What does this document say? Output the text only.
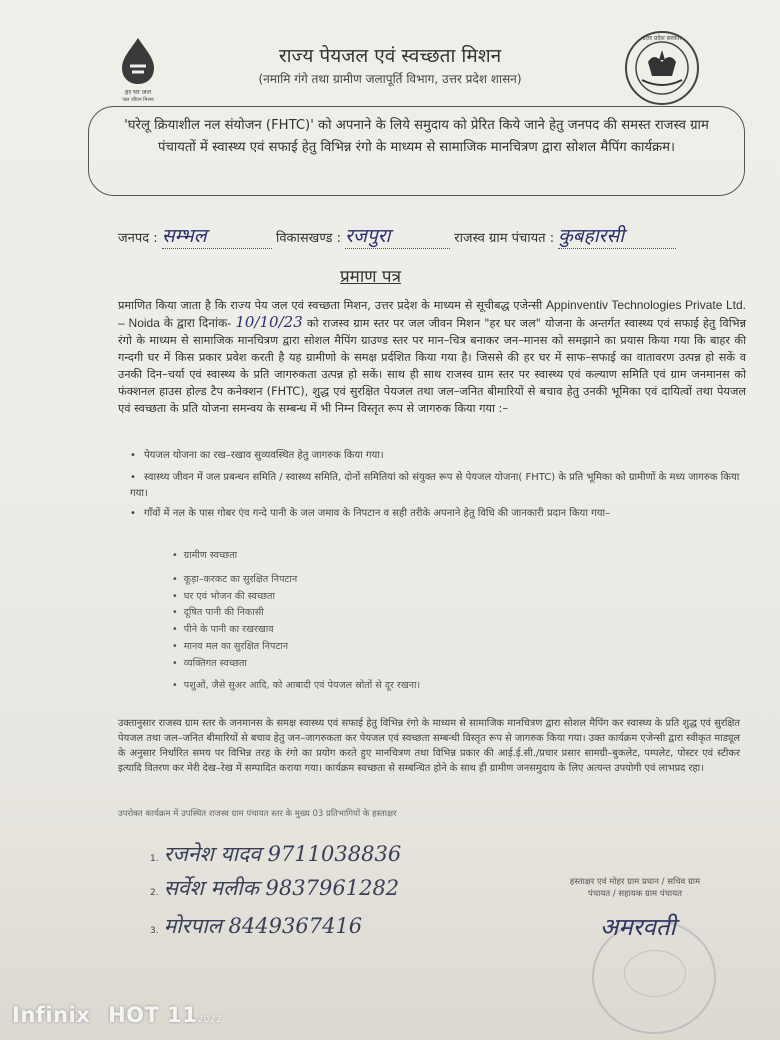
हर घर जल
जल जीवन मिशन
उत्तर प्रदेश सरकार
राज्य पेयजल एवं स्वच्छता मिशन
(नमामि गंगे तथा ग्रामीण जलापूर्ति विभाग, उत्तर प्रदेश शासन)

'घरेलू क्रियाशील नल संयोजन (FHTC)' को अपनाने के लिये समुदाय को प्रेरित किये जाने हेतु जनपद की समस्त राजस्व ग्राम पंचायतों में स्वास्थ्य एवं सफाई हेतु विभिन्न रंगो के माध्यम से सामाजिक मानचित्रण द्वारा सोशल मैपिंग कार्यक्रम।

जनपद : सम्भल	विकासखण्ड : रजपुरा	राजस्व ग्राम पंचायत : कुबहारसी
प्रमाण पत्र
प्रमाणित किया जाता है कि राज्य पेय जल एवं स्वच्छता मिशन, उत्तर प्रदेश के माध्यम से सूचीबद्ध एजेन्सी Appinventiv Technologies Private Ltd. – Noida के द्वारा दिनांक- 10/10/23 को राजस्व ग्राम स्तर पर जल जीवन मिशन "हर घर जल" योजना के अन्तर्गत स्वास्थ्य एवं सफाई हेतु विभिन्न रंगो के माध्यम से सामाजिक मानचित्रण द्वारा सोशल मैपिंग ग्राउण्ड स्तर पर मान–चित्र बनाकर जन–मानस को समझाने का प्रयास किया गया कि बाहर की गन्दगी घर में किस प्रकार प्रवेश करती है यह ग्रामीणो के समक्ष प्रर्दशित किया गया है। जिससे की हर घर में साफ–सफाई का वातावरण उत्पन्न हो सकें व उनकी दिन–चर्या एवं स्वास्थ्य के प्रति जागरुकता उत्पन्न हो सकें। साथ ही साथ राजस्व ग्राम स्तर पर स्वास्थ्य एवं कल्याण समिति एवं ग्राम जनमानस को फंक्शनल हाउस होल्ड टैप कनेक्शन (FHTC), शुद्ध एवं सुरक्षित पेयजल तथा जल–जनित बीमारियों से बचाव हेतु उनकी भूमिका एवं दायित्वों तथा पेयजल एवं स्वच्छता के प्रति योजना समन्वय के सम्बन्ध में भी निम्न विस्तृत रूप से जागरुक किया गया :–
• पेयजल योजना का रख–रखाव सुव्यवस्थित हेतु जागरुक किया गया।
• स्वास्थ्य जीवन में जल प्रबन्धन समिति / स्वास्थ्य समिति, दोनों समितियां को संयुक्त रूप से पेयजल योजना( FHTC) के प्रति भूमिका को ग्रामीणों के मध्य जागरुक किया गया।
• गाँवों में नल के पास गोबर एंव गन्दे पानी के जल जमाव के निपटान व सही तरीके अपनाने हेतु विधि की जानकारी प्रदान किया गया–
•  ग्रामीण स्वच्छता
•  कूड़ा–करकट का सुरक्षित निपटान
•  घर एवं भोजन की स्वच्छता
•  दूषित पानी की निकासी
•  पीने के पानी का रखरखाव
•  मानव मल का सुरक्षित निपटान
•  व्यक्तिगत स्वच्छता
•  पशुओं, जैसे सुअर आदि, को आबादी एवं पेयजल स्रोतों से दूर रखना।
उक्तानुसार राजस्व ग्राम स्तर के जनमानस के समक्ष स्वास्थ्य एवं सफाई हेतु विभिन्न रंगो के माध्यम से सामाजिक मानचित्रण द्वारा सोशल मैपिंग कर स्वास्थ्य के प्रति शुद्ध एवं सुरक्षित पेयजल तथा जल–जनित बीमारियों से बचाव हेतु जन–जागरुकता कर पेयजल एवं स्वच्छता सम्बन्धी विस्तृत रूप से जागरुक किया गया। उक्त कार्यक्रम एजेन्सी द्वारा स्वीकृत माड्यूल के अनुसार निर्धारित समय पर विभिन्न तरह के रंगो का प्रयोग करते हुए मानचित्रण तथा विभिन्न प्रकार की आई.ई.सी./प्रचार प्रसार सामग्री–बुकलेट, पम्पलेट, पोस्टर एवं स्टीकर इत्यादि वितरण कर मेरी देख–रेख में सम्पादित कराया गया। कार्यक्रम स्वच्छता से सम्बन्धित होने के साथ ही ग्रामीण जनसमुदाय के लिए अत्यन्त उपयोगी एवं लाभप्रद रहा।
उपरोक्त कार्यक्रम में उपस्थित राजस्व ग्राम पंचायत स्तर के मुख्य 03 प्रतिभागियों के हस्ताक्षर
1. रजनेश यादव 9711038836
2. सर्वेश मलीक 9837961282
3. मोरपाल 8449367416
हस्ताक्षर एवं मोहर ग्राम प्रधान / सचिव ग्राम पंचायत / सहायक ग्राम पंचायत
अमरवती
Infinix HOT 112022
